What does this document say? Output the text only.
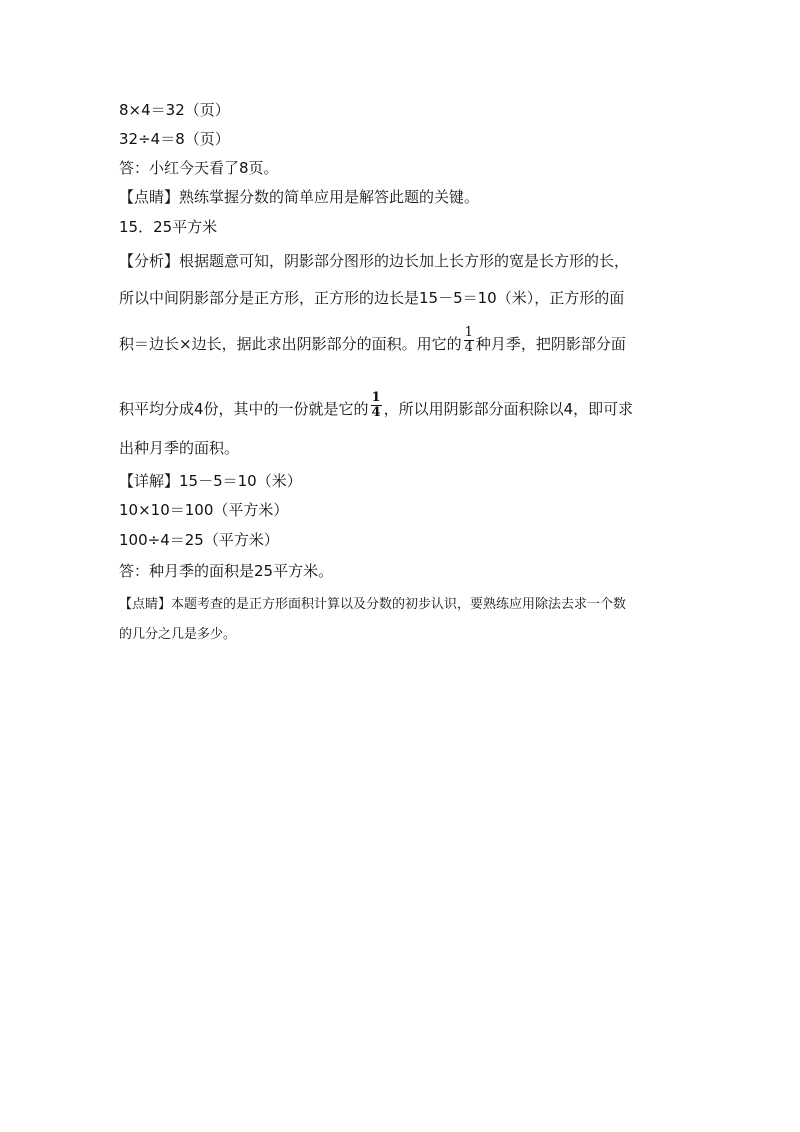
8×4＝32（页）
32÷4＝8（页）
答：小红今天看了8页。
【点睛】熟练掌握分数的简单应用是解答此题的关键。
15．25平方米
【分析】根据题意可知，阴影部分图形的边长加上长方形的宽是长方形的长，
所以中间阴影部分是正方形，正方形的边长是15－5＝10（米），正方形的面
积＝边长×边长，据此求出阴影部分的面积。用它的 $\frac{1}{4}$ 种月季，把阴影部分面
积平均分成4份，其中的一份就是它的 $\frac{1}{4}$ ，所以用阴影部分面积除以4，即可求
出种月季的面积。
【详解】15－5＝10（米）
10×10＝100（平方米）
100÷4＝25（平方米）
答：种月季的面积是25平方米。
【点睛】本题考查的是正方形面积计算以及分数的初步认识，要熟练应用除法去求一个数
的几分之几是多少。
